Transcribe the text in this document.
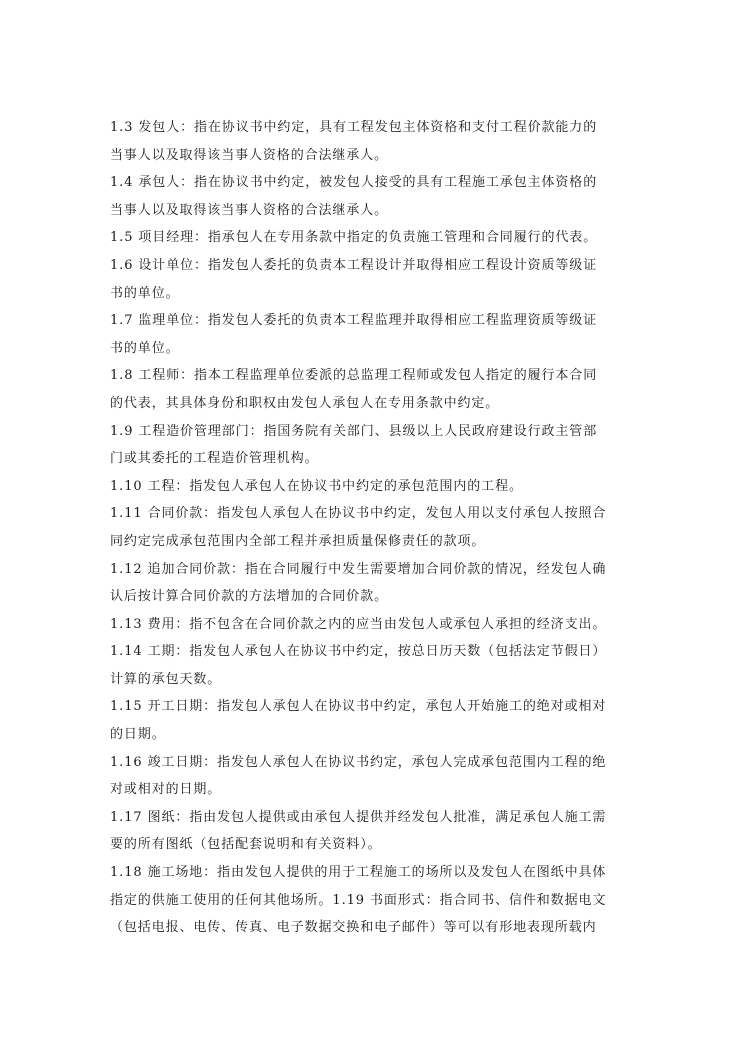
1.3 发包人：指在协议书中约定，具有工程发包主体资格和支付工程价款能力的
当事人以及取得该当事人资格的合法继承人。
1.4 承包人：指在协议书中约定，被发包人接受的具有工程施工承包主体资格的
当事人以及取得该当事人资格的合法继承人。
1.5 项目经理：指承包人在专用条款中指定的负责施工管理和合同履行的代表。
1.6 设计单位：指发包人委托的负责本工程设计并取得相应工程设计资质等级证
书的单位。
1.7 监理单位：指发包人委托的负责本工程监理并取得相应工程监理资质等级证
书的单位。
1.8 工程师：指本工程监理单位委派的总监理工程师或发包人指定的履行本合同
的代表，其具体身份和职权由发包人承包人在专用条款中约定。
1.9 工程造价管理部门：指国务院有关部门、县级以上人民政府建设行政主管部
门或其委托的工程造价管理机构。
1.10 工程：指发包人承包人在协议书中约定的承包范围内的工程。
1.11 合同价款：指发包人承包人在协议书中约定，发包人用以支付承包人按照合
同约定完成承包范围内全部工程并承担质量保修责任的款项。
1.12 追加合同价款：指在合同履行中发生需要增加合同价款的情况，经发包人确
认后按计算合同价款的方法增加的合同价款。
1.13 费用：指不包含在合同价款之内的应当由发包人或承包人承担的经济支出。
1.14 工期：指发包人承包人在协议书中约定，按总日历天数（包括法定节假日）
计算的承包天数。
1.15 开工日期：指发包人承包人在协议书中约定，承包人开始施工的绝对或相对
的日期。
1.16 竣工日期：指发包人承包人在协议书约定，承包人完成承包范围内工程的绝
对或相对的日期。
1.17 图纸：指由发包人提供或由承包人提供并经发包人批准，满足承包人施工需
要的所有图纸（包括配套说明和有关资料）。
1.18 施工场地：指由发包人提供的用于工程施工的场所以及发包人在图纸中具体
指定的供施工使用的任何其他场所。1.19 书面形式：指合同书、信件和数据电文
（包括电报、电传、传真、电子数据交换和电子邮件）等可以有形地表现所载内
